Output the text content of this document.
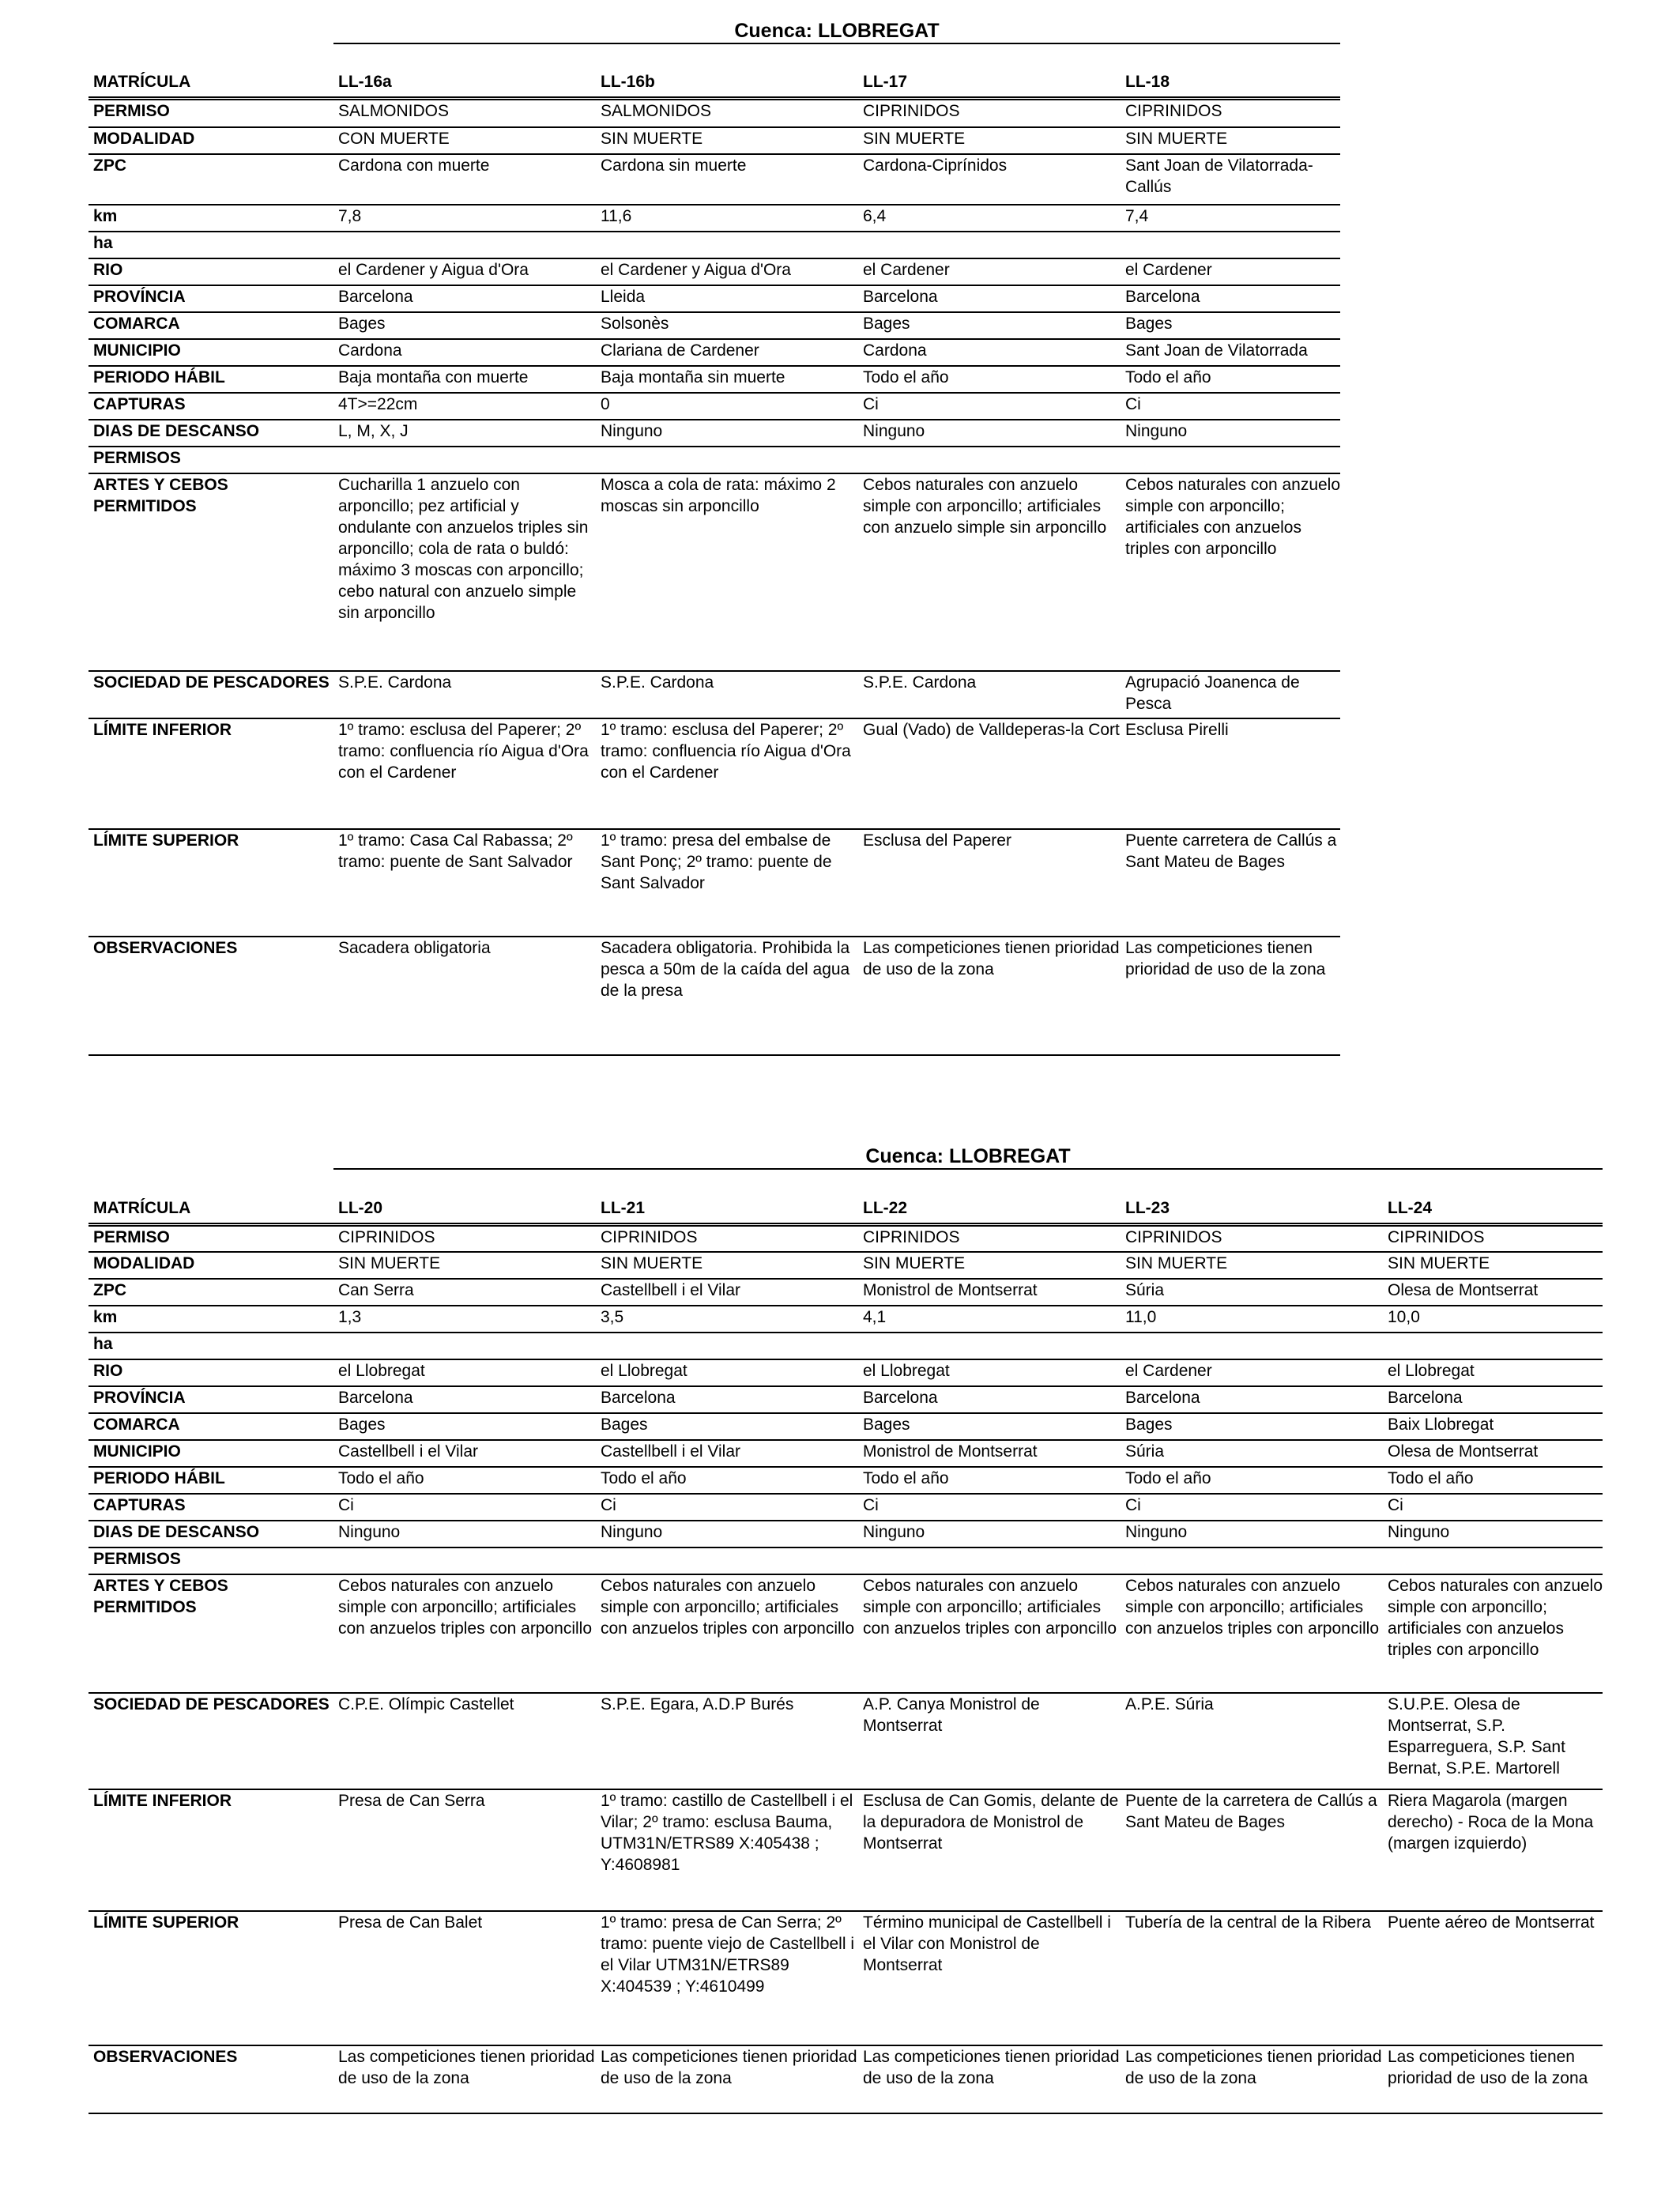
Cuenca: LLOBREGAT
MATRÍCULA	LL-16a	LL-16b	LL-17	LL-18
PERMISO	SALMONIDOS	SALMONIDOS	CIPRINIDOS	CIPRINIDOS
MODALIDAD	CON MUERTE	SIN MUERTE	SIN MUERTE	SIN MUERTE
ZPC	Cardona con muerte	Cardona sin muerte	Cardona-Ciprínidos	Sant Joan de Vilatorrada-Callús
km	7,8	11,6	6,4	7,4
ha				
RIO	el Cardener y Aigua d'Ora	el Cardener y Aigua d'Ora	el Cardener	el Cardener
PROVÍNCIA	Barcelona	Lleida	Barcelona	Barcelona
COMARCA	Bages	Solsonès	Bages	Bages
MUNICIPIO	Cardona	Clariana de Cardener	Cardona	Sant Joan de Vilatorrada
PERIODO HÁBIL	Baja montaña con muerte	Baja montaña sin muerte	Todo el año	Todo el año
CAPTURAS	4T>=22cm	0	Ci	Ci
DIAS DE DESCANSO	L, M, X, J	Ninguno	Ninguno	Ninguno
PERMISOS				
ARTES Y CEBOS PERMITIDOS	Cucharilla 1 anzuelo con arponcillo; pez artificial y ondulante con anzuelos triples sin arponcillo; cola de rata o buldó: máximo 3 moscas con arponcillo; cebo natural con anzuelo simple sin arponcillo	Mosca a cola de rata: máximo 2 moscas sin arponcillo	Cebos naturales con anzuelo simple con arponcillo; artificiales con anzuelo simple sin arponcillo	Cebos naturales con anzuelo simple con arponcillo; artificiales con anzuelos triples con arponcillo
SOCIEDAD DE PESCADORES	S.P.E. Cardona	S.P.E. Cardona	S.P.E. Cardona	Agrupació Joanenca de Pesca
LÍMITE INFERIOR	1º tramo: esclusa del Paperer; 2º tramo: confluencia río Aigua d'Ora con el Cardener	1º tramo: esclusa del Paperer; 2º tramo: confluencia río Aigua d'Ora con el Cardener	Gual (Vado) de Valldeperas-la Cort	Esclusa Pirelli
LÍMITE SUPERIOR	1º tramo: Casa Cal Rabassa; 2º tramo: puente de Sant Salvador	1º tramo: presa del embalse de Sant Ponç; 2º tramo: puente de Sant Salvador	Esclusa del Paperer	Puente carretera de Callús a Sant Mateu de Bages
OBSERVACIONES	Sacadera obligatoria	Sacadera obligatoria. Prohibida la pesca a 50m de la caída del agua de la presa	Las competiciones tienen prioridad de uso de la zona	Las competiciones tienen prioridad de uso de la zona
Cuenca: LLOBREGAT
MATRÍCULA	LL-20	LL-21	LL-22	LL-23	LL-24
PERMISO	CIPRINIDOS	CIPRINIDOS	CIPRINIDOS	CIPRINIDOS	CIPRINIDOS
MODALIDAD	SIN MUERTE	SIN MUERTE	SIN MUERTE	SIN MUERTE	SIN MUERTE
ZPC	Can Serra	Castellbell i el Vilar	Monistrol de Montserrat	Súria	Olesa de Montserrat
km	1,3	3,5	4,1	11,0	10,0
ha					
RIO	el Llobregat	el Llobregat	el Llobregat	el Cardener	el Llobregat
PROVÍNCIA	Barcelona	Barcelona	Barcelona	Barcelona	Barcelona
COMARCA	Bages	Bages	Bages	Bages	Baix Llobregat
MUNICIPIO	Castellbell i el Vilar	Castellbell i el Vilar	Monistrol de Montserrat	Súria	Olesa de Montserrat
PERIODO HÁBIL	Todo el año	Todo el año	Todo el año	Todo el año	Todo el año
CAPTURAS	Ci	Ci	Ci	Ci	Ci
DIAS DE DESCANSO	Ninguno	Ninguno	Ninguno	Ninguno	Ninguno
PERMISOS					
ARTES Y CEBOS PERMITIDOS	Cebos naturales con anzuelo simple con arponcillo; artificiales con anzuelos triples con arponcillo	Cebos naturales con anzuelo simple con arponcillo; artificiales con anzuelos triples con arponcillo	Cebos naturales con anzuelo simple con arponcillo; artificiales con anzuelos triples con arponcillo	Cebos naturales con anzuelo simple con arponcillo; artificiales con anzuelos triples con arponcillo	Cebos naturales con anzuelo simple con arponcillo; artificiales con anzuelos triples con arponcillo
SOCIEDAD DE PESCADORES	C.P.E. Olímpic Castellet	S.P.E. Egara, A.D.P Burés	A.P. Canya Monistrol de Montserrat	A.P.E. Súria	S.U.P.E. Olesa de Montserrat, S.P. Esparreguera, S.P. Sant Bernat, S.P.E. Martorell
LÍMITE INFERIOR	Presa de Can Serra	1º tramo: castillo de Castellbell i el Vilar; 2º tramo: esclusa Bauma, UTM31N/ETRS89 X:405438 ; Y:4608981	Esclusa de Can Gomis, delante de la depuradora de Monistrol de Montserrat	Puente de la carretera de Callús a Sant Mateu de Bages	Riera Magarola (margen derecho) - Roca de la Mona (margen izquierdo)
LÍMITE SUPERIOR	Presa de Can Balet	1º tramo: presa de Can Serra; 2º tramo: puente viejo de Castellbell i el Vilar UTM31N/ETRS89 X:404539 ; Y:4610499	Término municipal de Castellbell i el Vilar con Monistrol de Montserrat	Tubería de la central de la Ribera	Puente aéreo de Montserrat
OBSERVACIONES	Las competiciones tienen prioridad de uso de la zona	Las competiciones tienen prioridad de uso de la zona	Las competiciones tienen prioridad de uso de la zona	Las competiciones tienen prioridad de uso de la zona	Las competiciones tienen prioridad de uso de la zona
